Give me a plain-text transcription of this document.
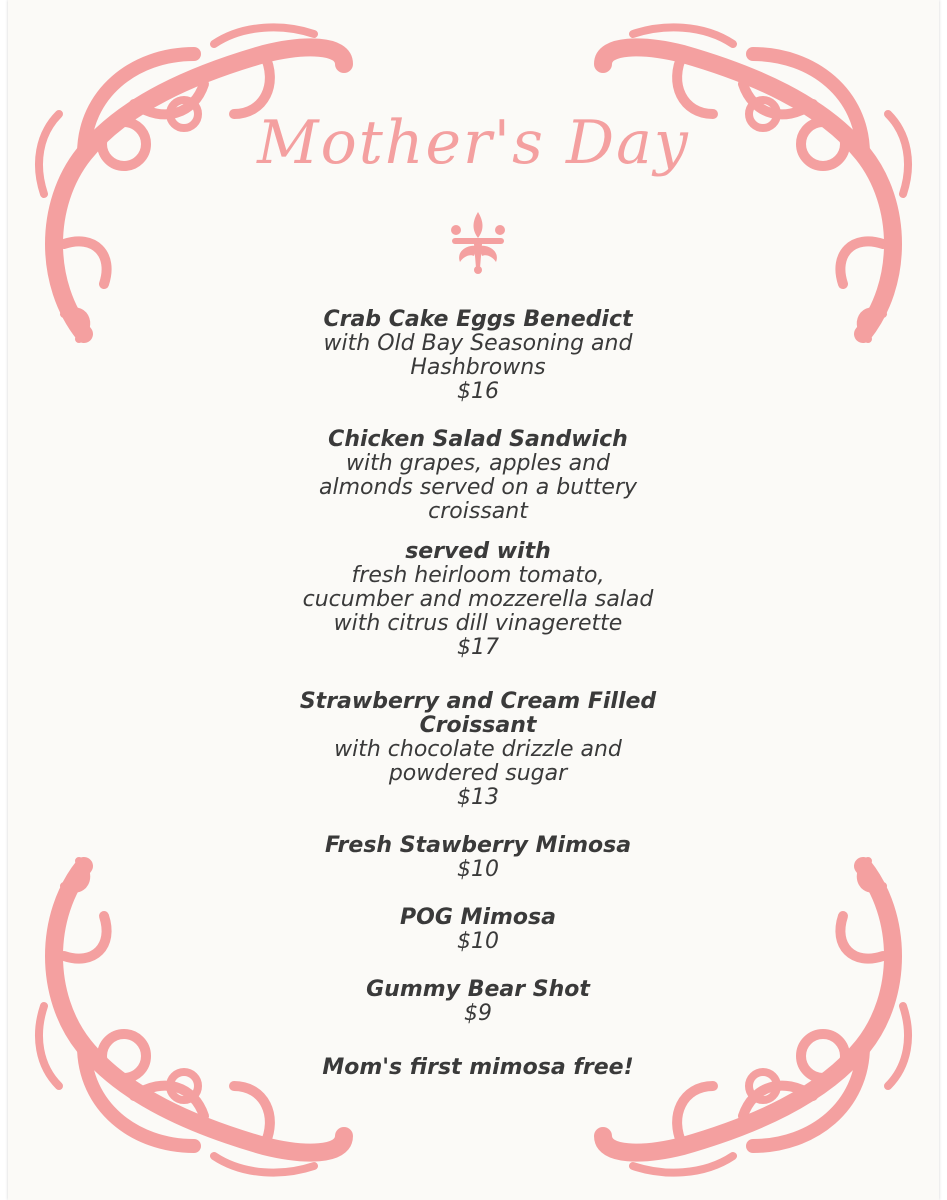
Mother's Day
Crab Cake Eggs Benedict
with Old Bay Seasoning and
Hashbrowns
$16
Chicken Salad Sandwich
with grapes, apples and
almonds served on a buttery
croissant
served with
fresh heirloom tomato,
cucumber and mozzerella salad
with citrus dill vinagerette
$17
Strawberry and Cream Filled
Croissant
with chocolate drizzle and
powdered sugar
$13
Fresh Stawberry Mimosa
$10
POG Mimosa
$10
Gummy Bear Shot
$9
Mom's first mimosa free!
